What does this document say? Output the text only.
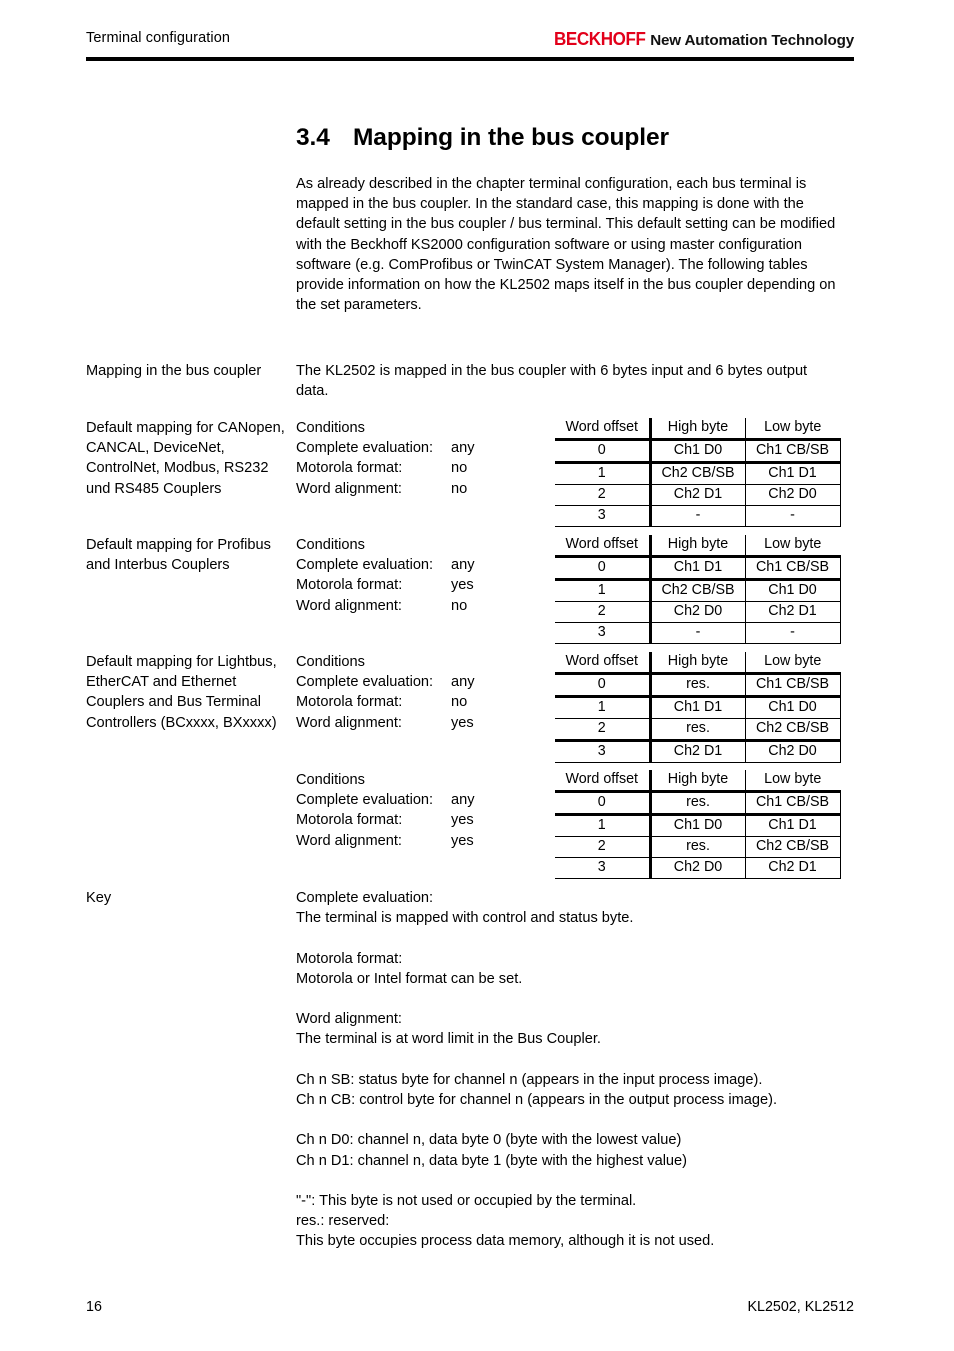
Terminal configuration	BECKHOFF New Automation Technology
3.4 Mapping in the bus coupler
As already described in the chapter terminal configuration, each bus terminal is mapped in the bus coupler. In the standard case, this mapping is done with the default setting in the bus coupler / bus terminal. This default setting can be modified with the Beckhoff KS2000 configuration software or using master configuration software (e.g. ComProfibus or TwinCAT System Manager). The following tables provide information on how the KL2502 maps itself in the bus coupler depending on the set parameters.
Mapping in the bus coupler	The KL2502 is mapped in the bus coupler with 6 bytes input and 6 bytes output data.
Default mapping for CANopen, CANCAL, DeviceNet, ControlNet, Modbus, RS232 und RS485 Couplers
Conditions
Complete evaluation: any
Motorola format:	no
Word alignment:	no
Word offset	High byte	Low byte
0	Ch1 D0	Ch1 CB/SB
1	Ch2 CB/SB	Ch1 D1
2	Ch2 D1	Ch2 D0
3	-	-
Default mapping for Profibus and Interbus Couplers
Conditions
Complete evaluation: any
Motorola format:	yes
Word alignment:	no
Word offset	High byte	Low byte
0	Ch1 D1	Ch1 CB/SB
1	Ch2 CB/SB	Ch1 D0
2	Ch2 D0	Ch2 D1
3	-	-
Default mapping for Lightbus, EtherCAT and Ethernet Couplers and Bus Terminal Controllers (BCxxxx, BXxxxx)
Conditions
Complete evaluation: any
Motorola format:	no
Word alignment:	yes
Word offset	High byte	Low byte
0	res.	Ch1 CB/SB
1	Ch1 D1	Ch1 D0
2	res.	Ch2 CB/SB
3	Ch2 D1	Ch2 D0
Conditions
Complete evaluation: any
Motorola format:	yes
Word alignment:	yes
Word offset	High byte	Low byte
0	res.	Ch1 CB/SB
1	Ch1 D0	Ch1 D1
2	res.	Ch2 CB/SB
3	Ch2 D0	Ch2 D1
Key	Complete evaluation:

The terminal is mapped with control and status byte.

Motorola format:

Motorola or Intel format can be set.

Word alignment:

The terminal is at word limit in the Bus Coupler.

Ch n SB: status byte for channel n (appears in the input process image).

Ch n CB: control byte for channel n (appears in the output process image).

Ch n D0: channel n, data byte 0 (byte with the lowest value)

Ch n D1: channel n, data byte 1 (byte with the highest value)

"-": This byte is not used or occupied by the terminal.

res.: reserved:

This byte occupies process data memory, although it is not used.

16	KL2502, KL2512
